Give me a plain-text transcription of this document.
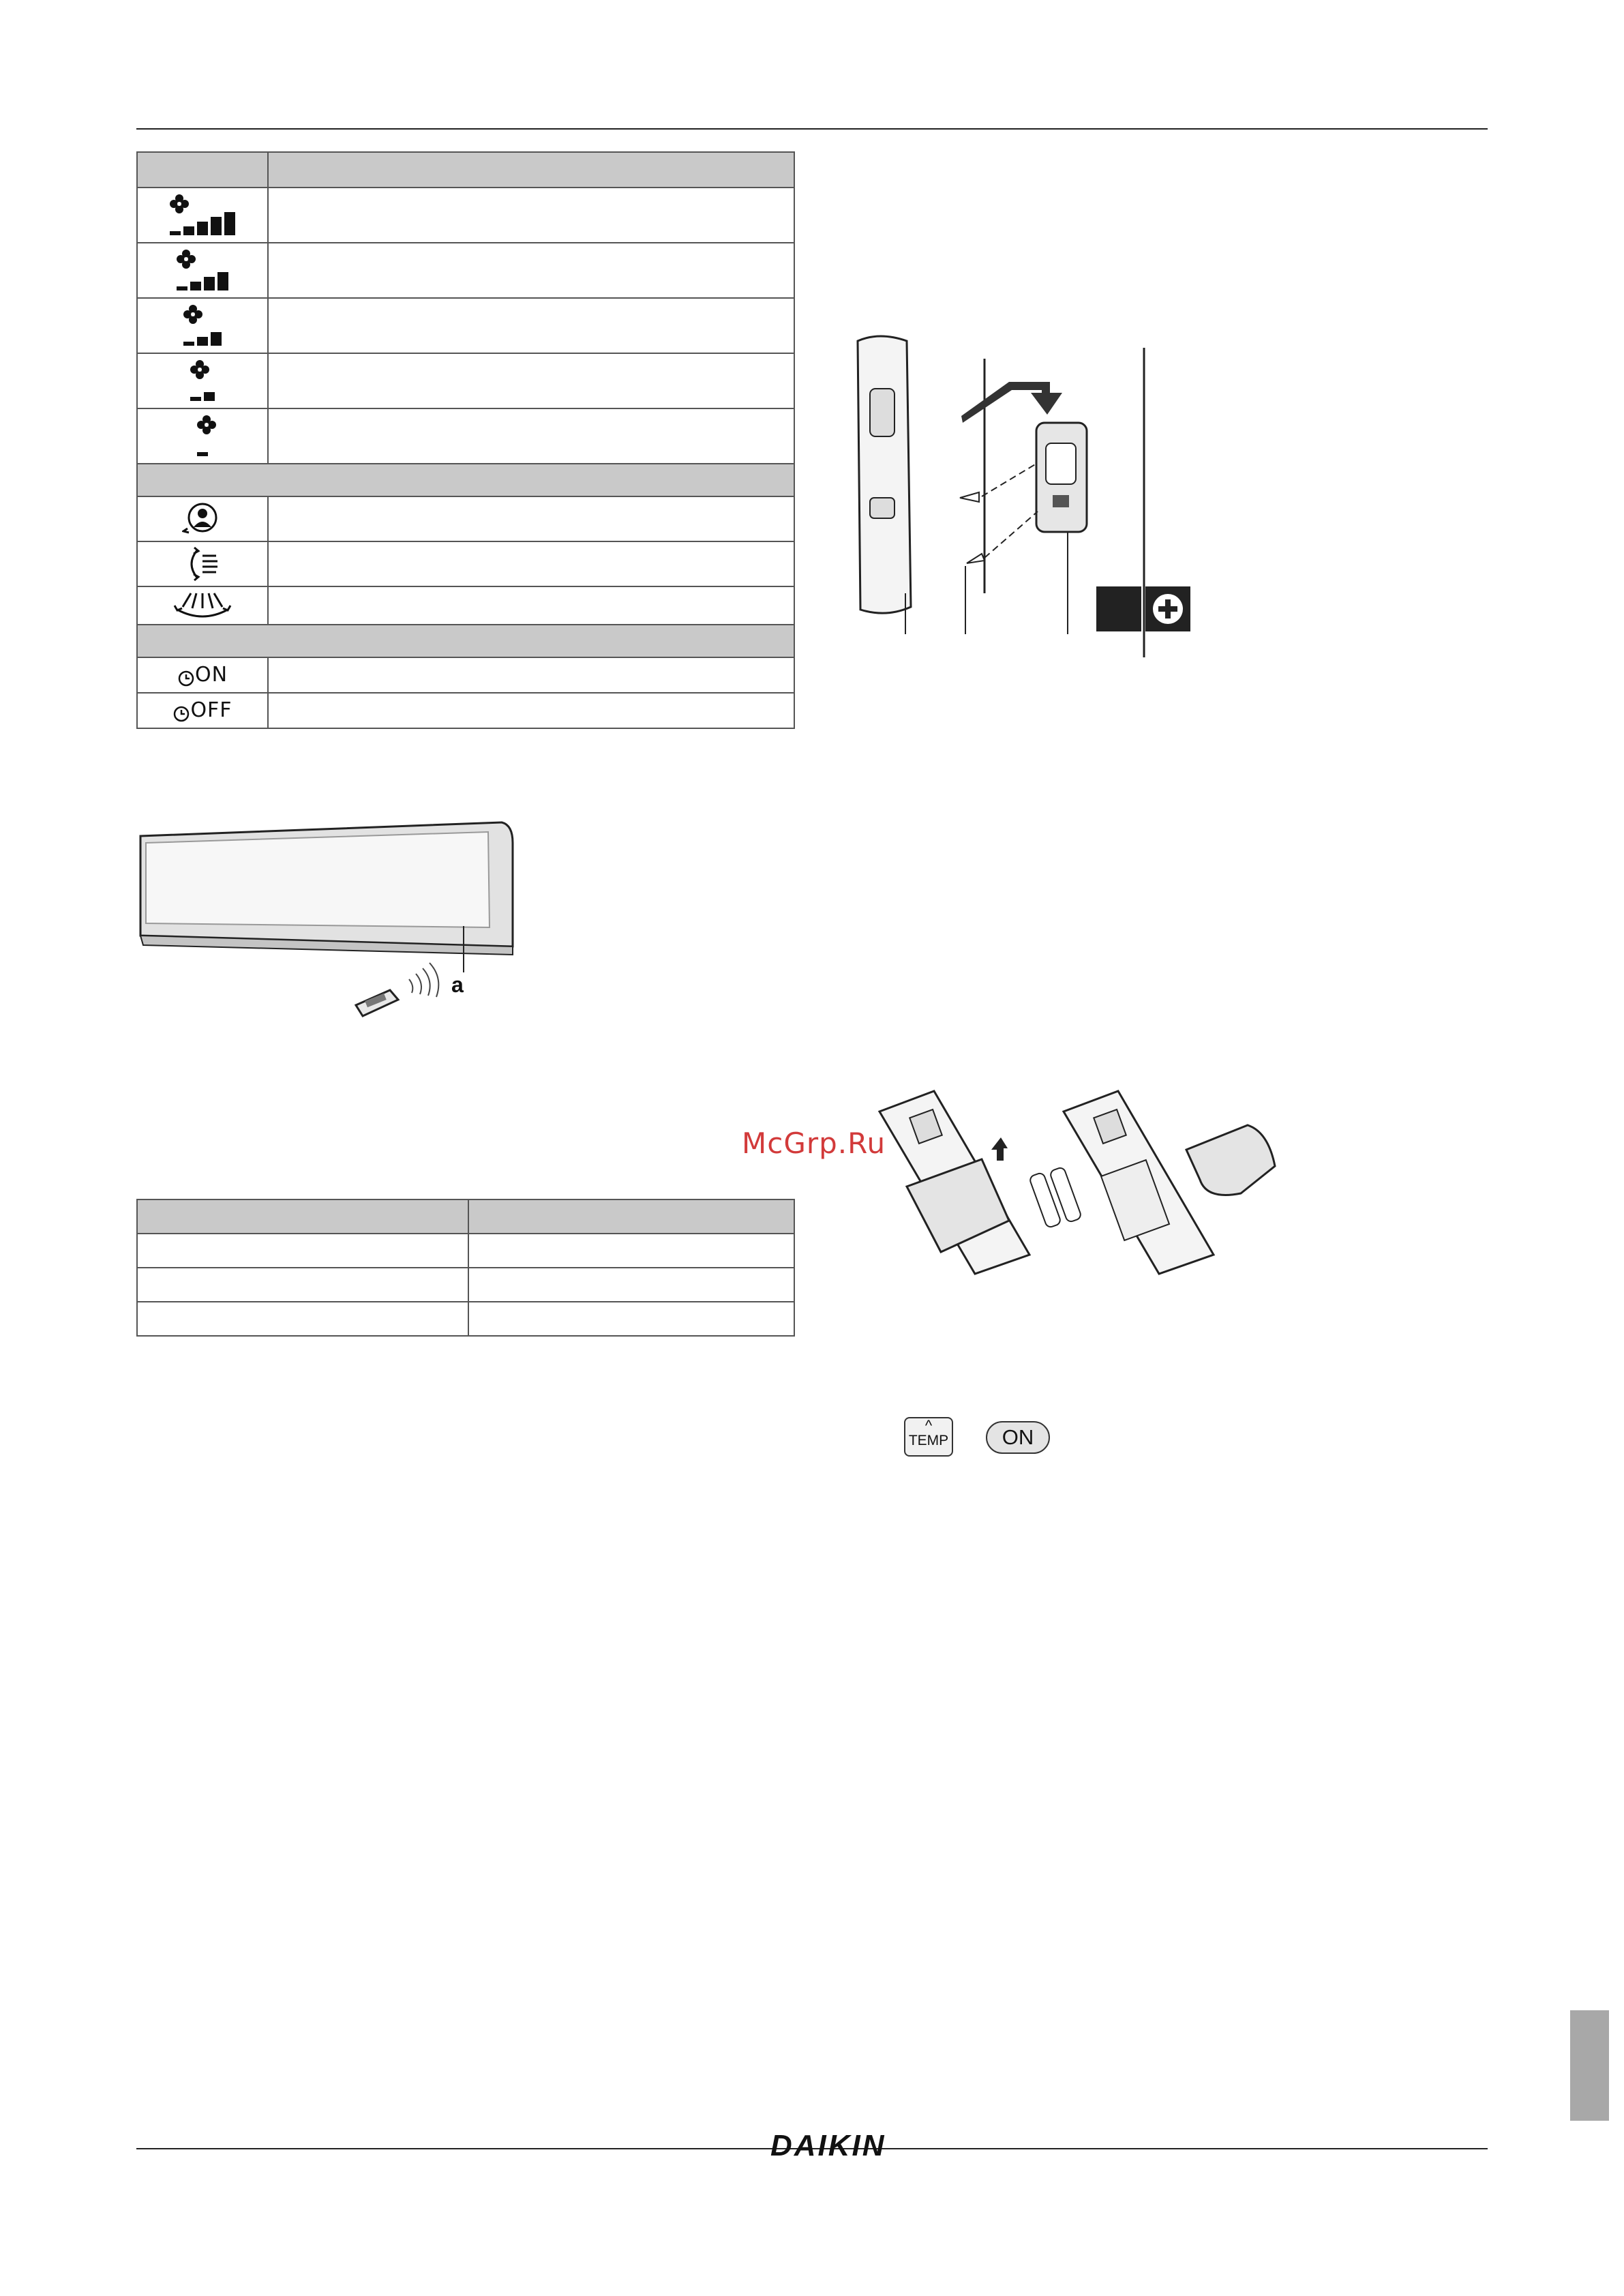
ON	
OFF	
a
McGrp.Ru

^
TEMP	ON
DAIKIN
